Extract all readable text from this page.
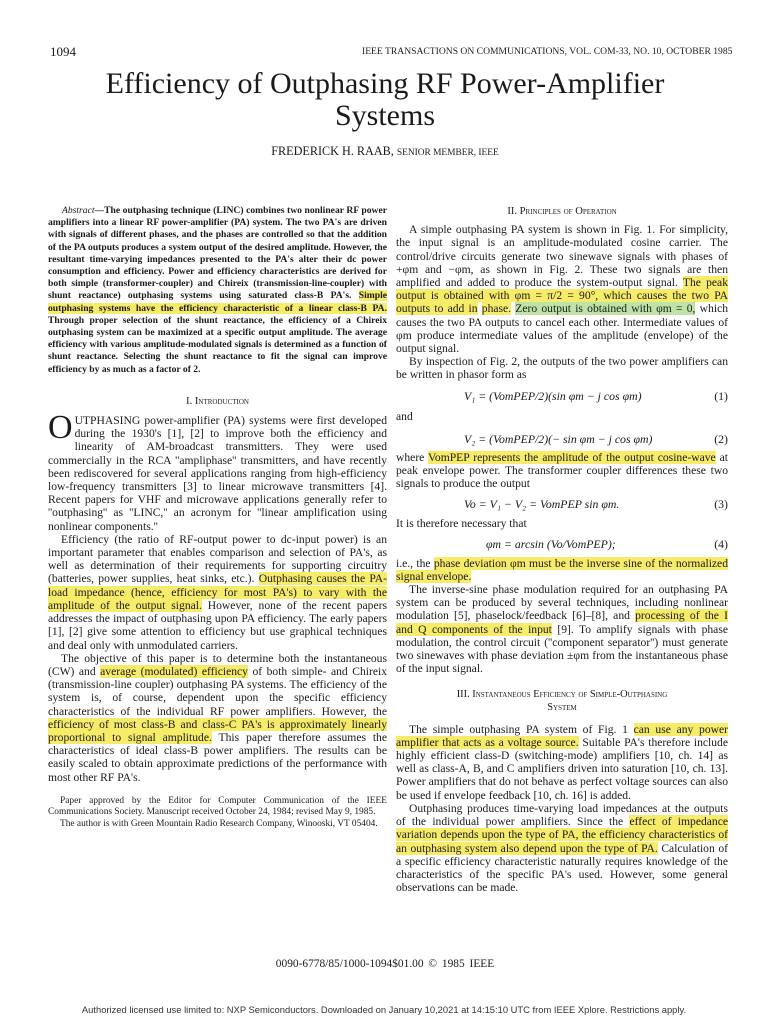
1094	IEEE TRANSACTIONS ON COMMUNICATIONS, VOL. COM-33, NO. 10, OCTOBER 1985
Efficiency of Outphasing RF Power-Amplifier
Systems
FREDERICK H. RAAB, SENIOR MEMBER, IEEE
Abstract—The outphasing technique (LINC) combines two nonlinear RF power amplifiers into a linear RF power-amplifier (PA) system. The two PA's are driven with signals of different phases, and the phases are controlled so that the addition of the PA outputs produces a system output of the desired amplitude. However, the resultant time-varying impedances presented to the PA's alter their dc power consumption and efficiency. Power and efficiency characteristics are derived for both simple (transformer-coupler) and Chireix (transmission-line-coupler) with shunt reactance) outphasing systems using saturated class-B PA's. Simple outphasing systems have the efficiency characteristic of a linear class-B PA. Through proper selection of the shunt reactance, the efficiency of a Chireix outphasing system can be maximized at a specific output amplitude. The average efficiency with various amplitude-modulated signals is determined as a function of shunt reactance. Selecting the shunt reactance to fit the signal can improve efficiency by as much as a factor of 2.
I. Introduction
OUTPHASING power-amplifier (PA) systems were first developed during the 1930's [1], [2] to improve both the efficiency and linearity of AM-broadcast transmitters. They were used commercially in the RCA ''ampliphase'' transmitters, and have recently been rediscovered for several applications ranging from high-efficiency low-frequency transmitters [3] to linear microwave transmitters [4]. Recent papers for VHF and microwave applications generally refer to ''outphasing'' as ''LINC,'' an acronym for ''linear amplification using nonlinear components.''
Efficiency (the ratio of RF-output power to dc-input power) is an important parameter that enables comparison and selection of PA's, as well as determination of their requirements for supporting circuitry (batteries, power supplies, heat sinks, etc.). Outphasing causes the PA-load impedance (hence, efficiency for most PA's) to vary with the amplitude of the output signal. However, none of the recent papers addresses the impact of outphasing upon PA efficiency. The early papers [1], [2] give some attention to efficiency but use graphical techniques and deal only with unmodulated carriers.
The objective of this paper is to determine both the instantaneous (CW) and average (modulated) efficiency of both simple- and Chireix (transmission-line coupler) outphasing PA systems. The efficiency of the system is, of course, dependent upon the specific efficiency characteristics of the individual RF power amplifiers. However, the efficiency of most class-B and class-C PA's is approximately linearly proportional to signal amplitude. This paper therefore assumes the characteristics of ideal class-B power amplifiers. The results can be easily scaled to obtain approximate predictions of the performance with most other RF PA's.

Paper approved by the Editor for Computer Communication of the IEEE Communications Society. Manuscript received October 24, 1984; revised May 9, 1985.

The author is with Green Mountain Radio Research Company, Winooski, VT 05404.

II. Principles of Operation
A simple outphasing PA system is shown in Fig. 1. For simplicity, the input signal is an amplitude-modulated cosine carrier. The control/drive circuits generate two sinewave signals with phases of +φm and −φm, as shown in Fig. 2. These two signals are then amplified and added to produce the system-output signal. The peak output is obtained with φm = π/2 = 90°, which causes the two PA outputs to add in phase. Zero output is obtained with φm = 0, which causes the two PA outputs to cancel each other. Intermediate values of φm produce intermediate values of the amplitude (envelope) of the output signal.
By inspection of Fig. 2, the outputs of the two power amplifiers can be written in phasor form as
V₁ = (VomPEP/2)(sin φm − j cos φm)	(1)
and
V₂ = (VomPEP/2)(− sin φm − j cos φm)	(2)
where VomPEP represents the amplitude of the output cosine-wave at peak envelope power. The transformer coupler differences these two signals to produce the output
Vo = V₁ − V₂ = VomPEP sin φm.	(3)
It is therefore necessary that
φm = arcsin (Vo/VomPEP);	(4)
i.e., the phase deviation φm must be the inverse sine of the normalized signal envelope.
The inverse-sine phase modulation required for an outphasing PA system can be produced by several techniques, including nonlinear modulation [5], phaselock/feedback [6]–[8], and processing of the I and Q components of the input [9]. To amplify signals with phase modulation, the control circuit (''component separator'') must generate two sinewaves with phase deviation ±φm from the instantaneous phase of the input signal.
III. Instantaneous Efficiency of Simple-Outphasing
System
The simple outphasing PA system of Fig. 1 can use any power amplifier that acts as a voltage source. Suitable PA's therefore include highly efficient class-D (switching-mode) amplifiers [10, ch. 14] as well as class-A, B, and C amplifiers driven into saturation [10, ch. 13]. Power amplifiers that do not behave as perfect voltage sources can also be used if envelope feedback [10, ch. 16] is added.
Outphasing produces time-varying load impedances at the outputs of the individual power amplifiers. Since the effect of impedance variation depends upon the type of PA, the efficiency characteristics of an outphasing system also depend upon the type of PA. Calculation of a specific efficiency characteristic naturally requires knowledge of the characteristics of the specific PA's used. However, some general observations can be made.
0090-6778/85/1000-1094$01.00 © 1985 IEEE
Authorized licensed use limited to: NXP Semiconductors. Downloaded on January 10,2021 at 14:15:10 UTC from IEEE Xplore. Restrictions apply.
